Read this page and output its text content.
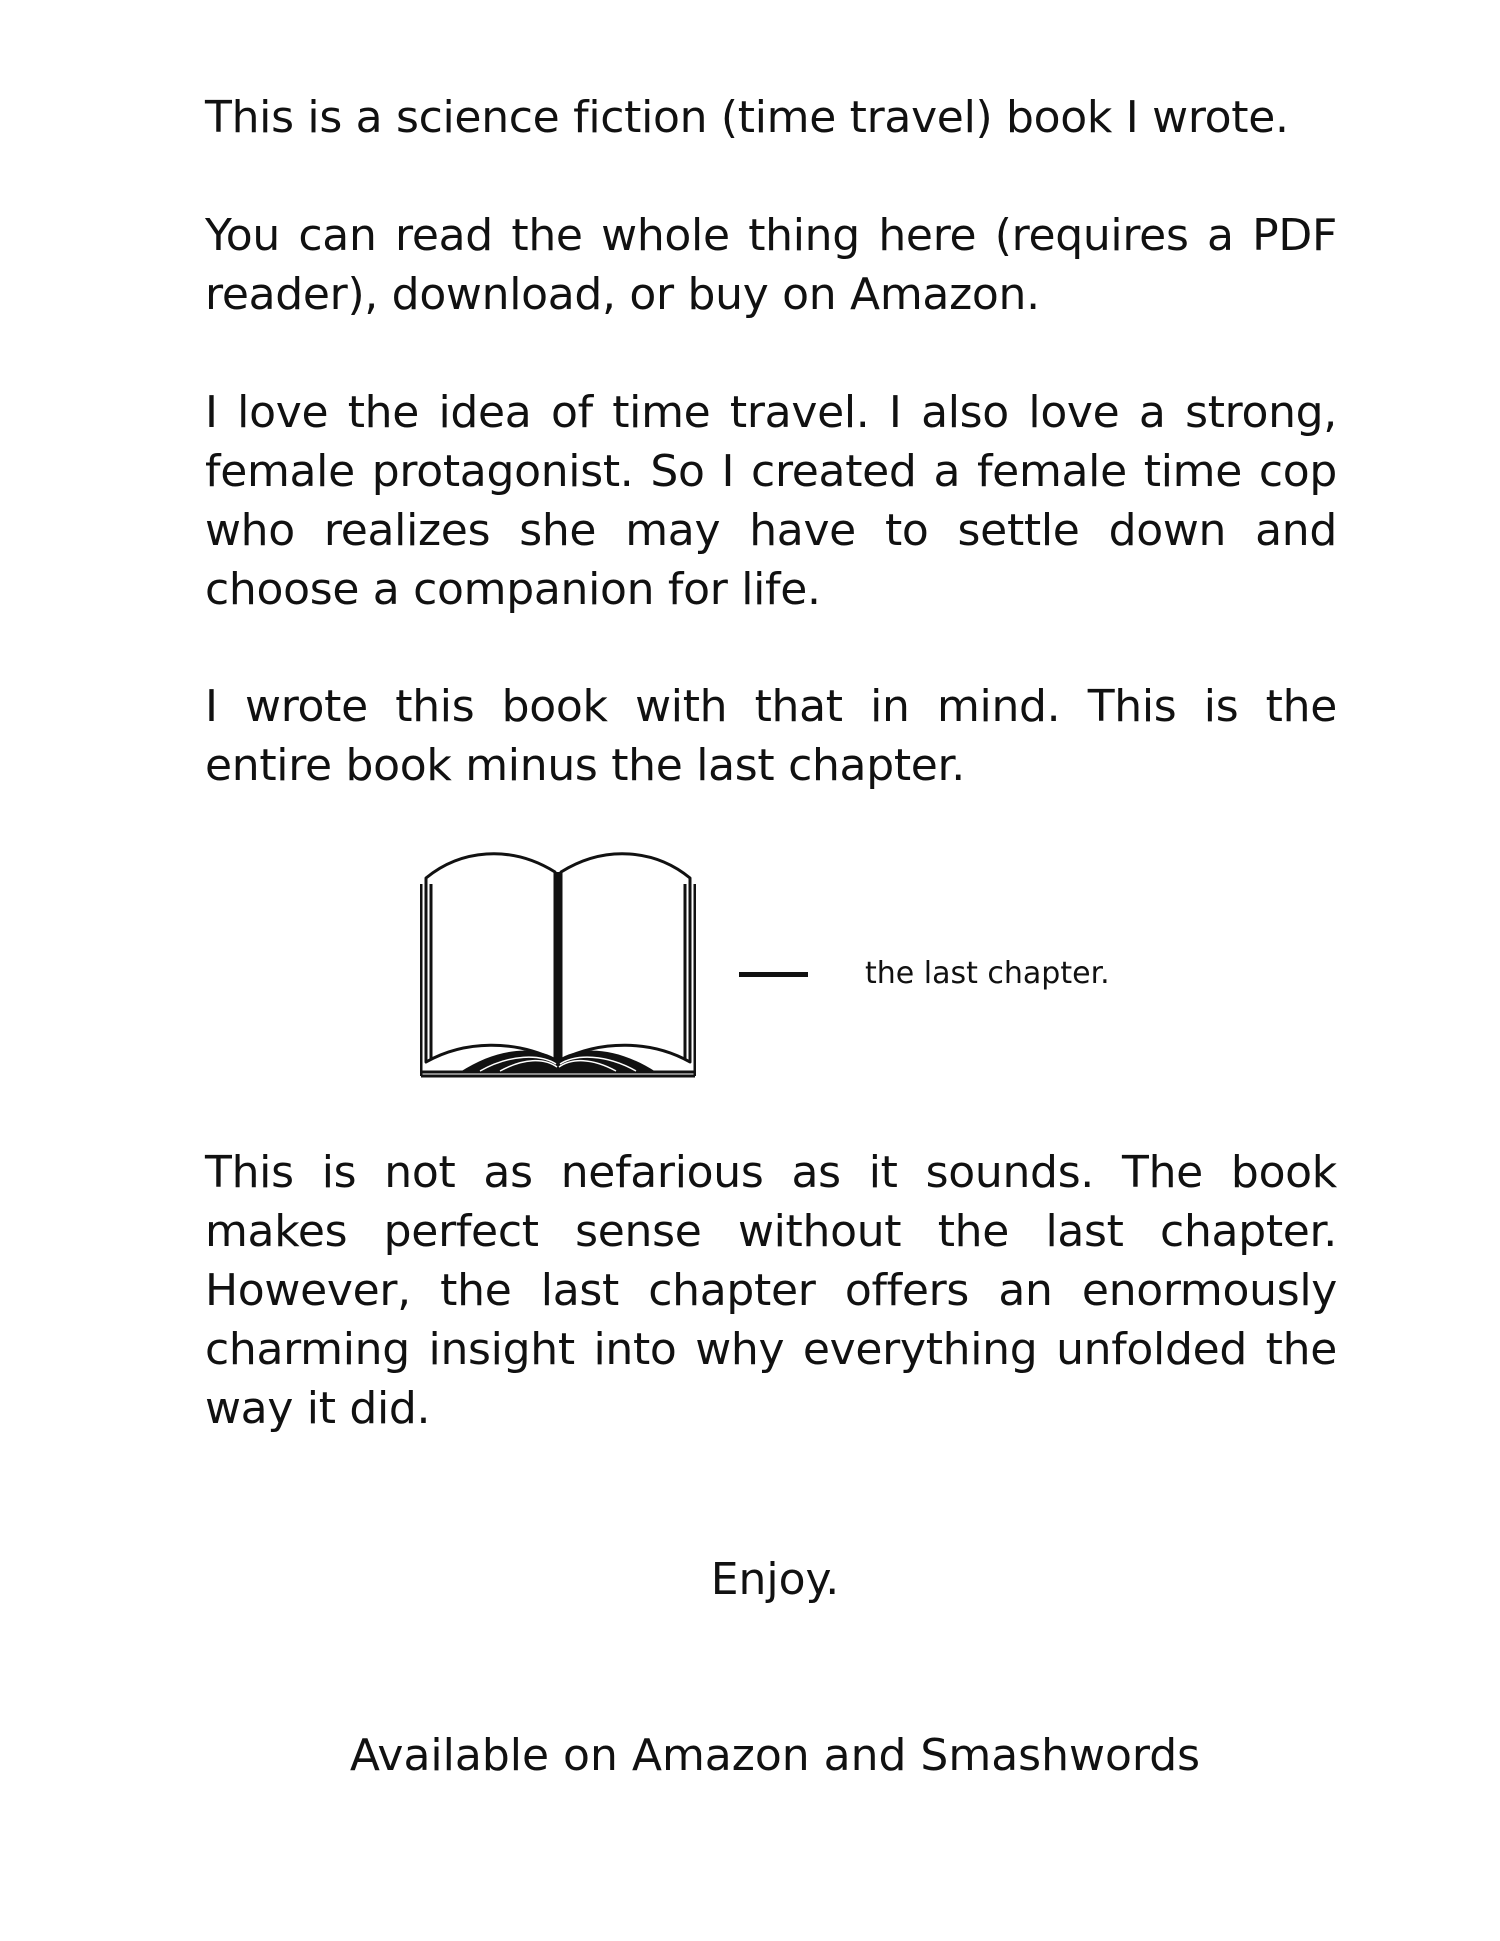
This is a science fiction (time travel) book I wrote.

You can read the whole thing here (requires a PDF reader), download, or buy on Amazon.

I love the idea of time travel. I also love a strong, female protagonist. So I created a female time cop who realizes she may have to settle down and choose a companion for life.

I wrote this book with that in mind. This is the entire book minus the last chapter.

the last chapter.

This is not as nefarious as it sounds. The book makes perfect sense without the last chapter. However, the last chapter offers an enormously charming insight into why everything unfolded the way it did.

Enjoy.

Available on Amazon and Smashwords
